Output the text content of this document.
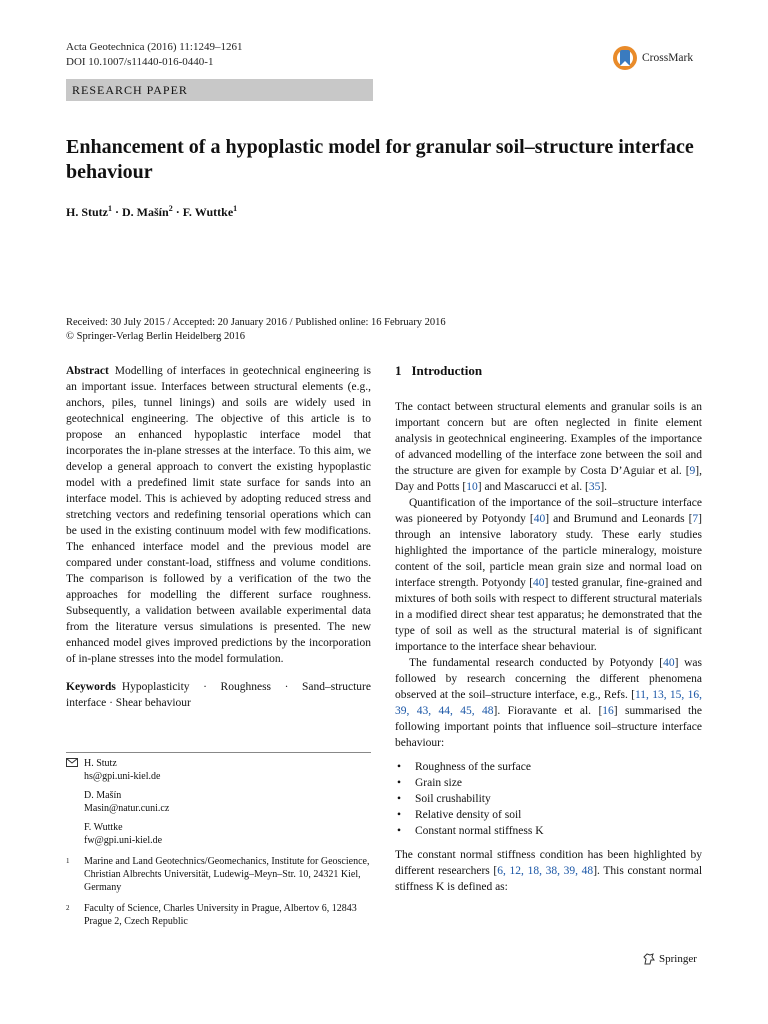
Acta Geotechnica (2016) 11:1249–1261
DOI 10.1007/s11440-016-0440-1	CrossMark
RESEARCH PAPER
Enhancement of a hypoplastic model for granular soil–structure interface behaviour
H. Stutz$^1$ · D. Mašín$^2$ · F. Wuttke$^1$
Received: 30 July 2015 / Accepted: 20 January 2016 / Published online: 16 February 2016
© Springer-Verlag Berlin Heidelberg 2016
Abstract Modelling of interfaces in geotechnical engineering is an important issue. Interfaces between structural elements (e.g., anchors, piles, tunnel linings) and soils are widely used in geotechnical engineering. The objective of this article is to propose an enhanced hypoplastic interface model that incorporates the in-plane stresses at the interface. To this aim, we develop a general approach to convert the existing hypoplastic model with a predefined limit state surface for sands into an interface model. This is achieved by adopting reduced stress and stretching vectors and redefining tensorial operations which can be used in the existing continuum model with few modifications. The enhanced interface model and the previous model are compared under constant-load, stiffness and volume conditions. The comparison is followed by a verification of the two the approaches for modelling the different surface roughness. Subsequently, a validation between available experimental data from the literature versus simulations is presented. The new enhanced model gives improved predictions by the incorporation of in-plane stresses into the model formulation.
Keywords Hypoplasticity · Roughness · Sand–structure interface · Shear behaviour
H. Stutz
hs@gpi.uni-kiel.de
D. Mašín
Masin@natur.cuni.cz
F. Wuttke
fw@gpi.uni-kiel.de
1	Marine and Land Geotechnics/Geomechanics, Institute for Geoscience, Christian Albrechts Universität, Ludewig–Meyn–Str. 10, 24321 Kiel, Germany
2	Faculty of Science, Charles University in Prague, Albertov 6, 12843 Prague 2, Czech Republic
1 Introduction

The contact between structural elements and granular soils is an important concern but are often neglected in finite element analysis in geotechnical engineering. Examples of the importance of advanced modelling of the interface zone between the soil and the structure are given for example by Costa D’Aguiar et al. [9], Day and Potts [10] and Mascarucci et al. [35].

Quantification of the importance of the soil–structure interface was pioneered by Potyondy [40] and Brumund and Leonards [7] through an intensive laboratory study. These early studies highlighted the importance of the particle mineralogy, moisture content of the soil, particle mean grain size and normal load on interface strength. Potyondy [40] tested granular, fine-grained and mixtures of both soils with respect to different structural materials in a modified direct shear test apparatus; he demonstrated that the type of soil as well as the structural material is of significant importance to the interface shear behaviour.

The fundamental research conducted by Potyondy [40] was followed by research concerning the different phenomena observed at the soil–structure interface, e.g., Refs. [11, 13, 15, 16, 39, 43, 44, 45, 48]. Fioravante et al. [16] summarised the following important points that influence soil–structure interface behaviour:

• Roughness of the surface
• Grain size
• Soil crushability
• Relative density of soil
• Constant normal stiffness K

The constant normal stiffness condition has been highlighted by different researchers [6, 12, 18, 38, 39, 48]. This constant normal stiffness K is defined as:

Springer
